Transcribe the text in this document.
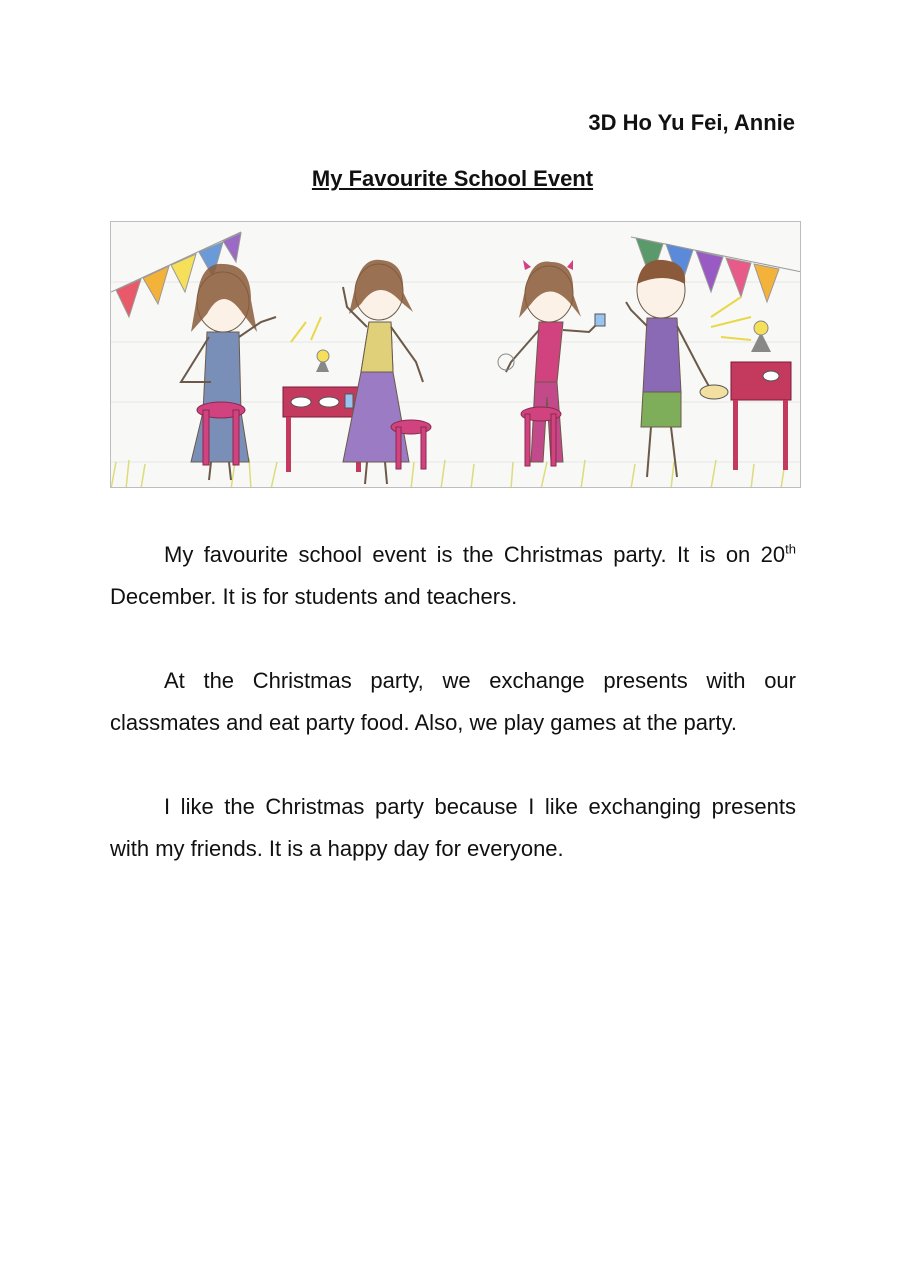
3D Ho Yu Fei, Annie

My Favourite School Event

My favourite school event is the Christmas party. It is on 20th December. It is for students and teachers.

At the Christmas party, we exchange presents with our classmates and eat party food. Also, we play games at the party.

I like the Christmas party because I like exchanging presents with my friends. It is a happy day for everyone.
